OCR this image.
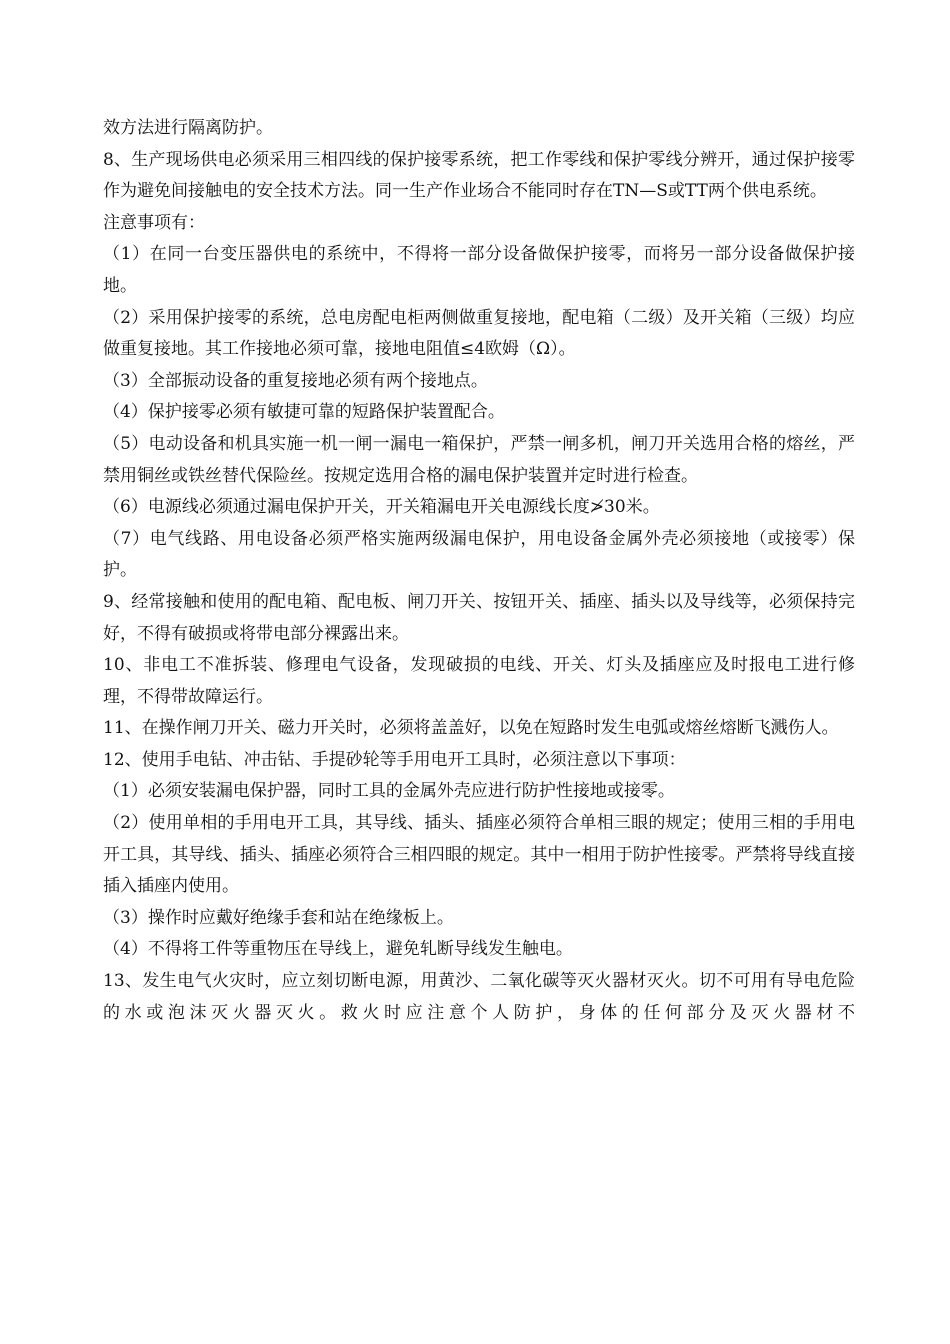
效方法进行隔离防护。

8、生产现场供电必须采用三相四线的保护接零系统，把工作零线和保护零线分辨开，通过保护接零作为避免间接触电的安全技术方法。同一生产作业场合不能同时存在TN—S或TT两个供电系统。

注意事项有：

（1）在同一台变压器供电的系统中，不得将一部分设备做保护接零，而将另一部分设备做保护接地。

（2）采用保护接零的系统，总电房配电柜两侧做重复接地，配电箱（二级）及开关箱（三级）均应做重复接地。其工作接地必须可靠，接地电阻值≤4欧姆（Ω）。

（3）全部振动设备的重复接地必须有两个接地点。

（4）保护接零必须有敏捷可靠的短路保护装置配合。

（5）电动设备和机具实施一机一闸一漏电一箱保护，严禁一闸多机，闸刀开关选用合格的熔丝，严禁用铜丝或铁丝替代保险丝。按规定选用合格的漏电保护装置并定时进行检查。

（6）电源线必须通过漏电保护开关，开关箱漏电开关电源线长度≯30米。

（7）电气线路、用电设备必须严格实施两级漏电保护，用电设备金属外壳必须接地（或接零）保护。

9、经常接触和使用的配电箱、配电板、闸刀开关、按钮开关、插座、插头以及导线等，必须保持完好，不得有破损或将带电部分裸露出来。

10、非电工不准拆装、修理电气设备，发现破损的电线、开关、灯头及插座应及时报电工进行修理，不得带故障运行。

11、在操作闸刀开关、磁力开关时，必须将盖盖好，以免在短路时发生电弧或熔丝熔断飞溅伤人。

12、使用手电钻、冲击钻、手提砂轮等手用电开工具时，必须注意以下事项：

（1）必须安装漏电保护器，同时工具的金属外壳应进行防护性接地或接零。

（2）使用单相的手用电开工具，其导线、插头、插座必须符合单相三眼的规定；使用三相的手用电开工具，其导线、插头、插座必须符合三相四眼的规定。其中一相用于防护性接零。严禁将导线直接插入插座内使用。

（3）操作时应戴好绝缘手套和站在绝缘板上。

（4）不得将工件等重物压在导线上，避免轧断导线发生触电。

13、发生电气火灾时，应立刻切断电源，用黄沙、二氧化碳等灭火器材灭火。切不可用有导电危险的水或泡沫灭火器灭火。救火时应注意个人防护，身体的任何部分及灭火器材不
